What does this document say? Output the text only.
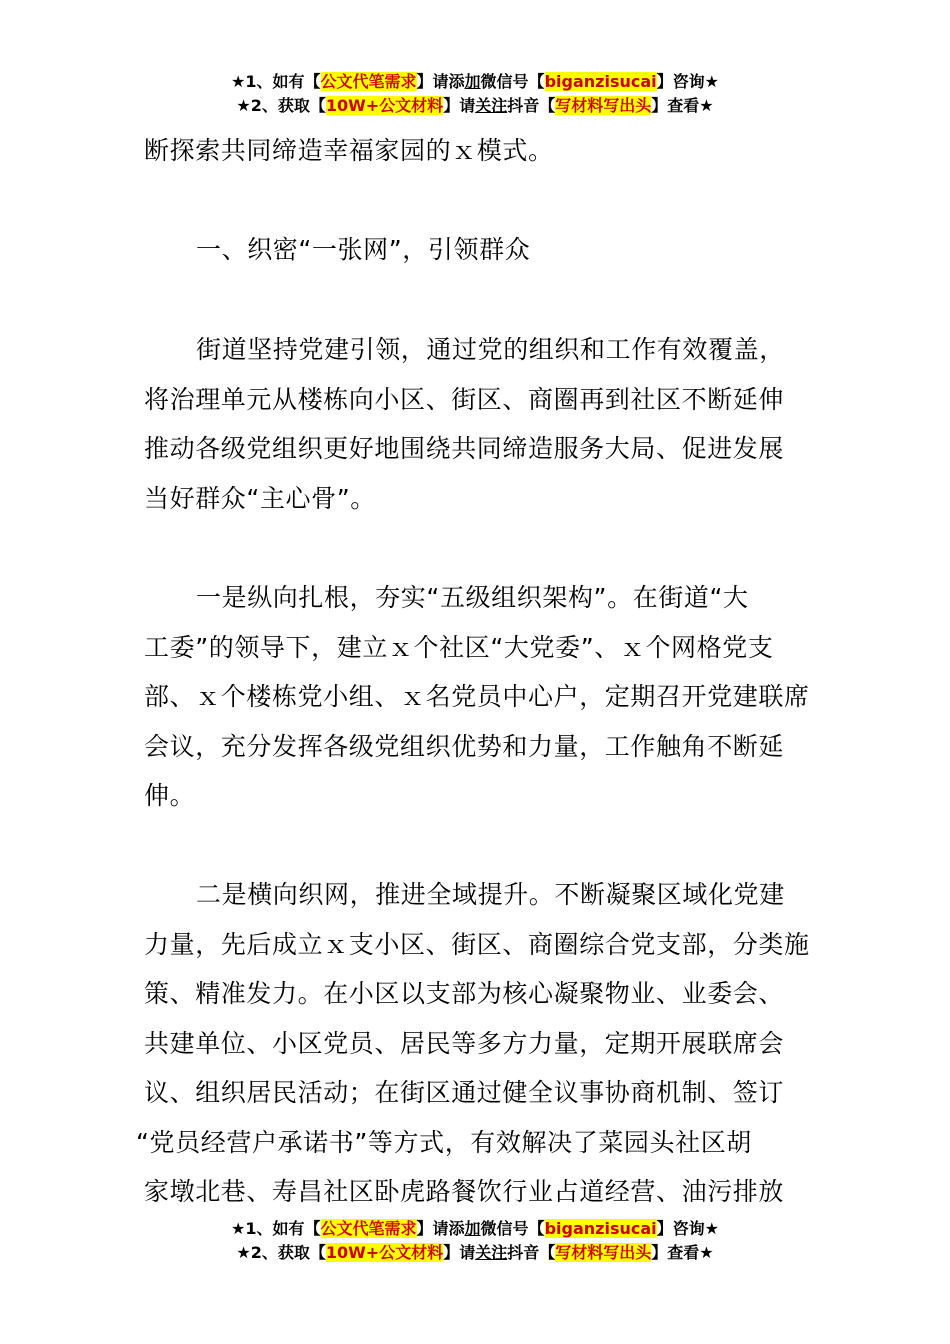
★1、如有【公文代笔需求】请添加微信号【biganzisucai】咨询★
★2、获取【10W+公文材料】请关注抖音【写材料写出头】查看★
断探索共同缔造幸福家园的ｘ模式。
一、织密“一张网”，引领群众
街道坚持党建引领，通过党的组织和工作有效覆盖，
将治理单元从楼栋向小区、街区、商圈再到社区不断延伸
推动各级党组织更好地围绕共同缔造服务大局、促进发展
当好群众“主心骨”。
一是纵向扎根，夯实“五级组织架构”。在街道“大
工委”的领导下，建立ｘ个社区“大党委”、ｘ个网格党支
部、ｘ个楼栋党小组、ｘ名党员中心户，定期召开党建联席
会议，充分发挥各级党组织优势和力量，工作触角不断延
伸。
二是横向织网，推进全域提升。不断凝聚区域化党建
力量，先后成立ｘ支小区、街区、商圈综合党支部，分类施
策、精准发力。在小区以支部为核心凝聚物业、业委会、
共建单位、小区党员、居民等多方力量，定期开展联席会
议、组织居民活动；在街区通过健全议事协商机制、签订
“党员经营户承诺书”等方式，有效解决了菜园头社区胡
家墩北巷、寿昌社区卧虎路餐饮行业占道经营、油污排放
★1、如有【公文代笔需求】请添加微信号【biganzisucai】咨询★
★2、获取【10W+公文材料】请关注抖音【写材料写出头】查看★
